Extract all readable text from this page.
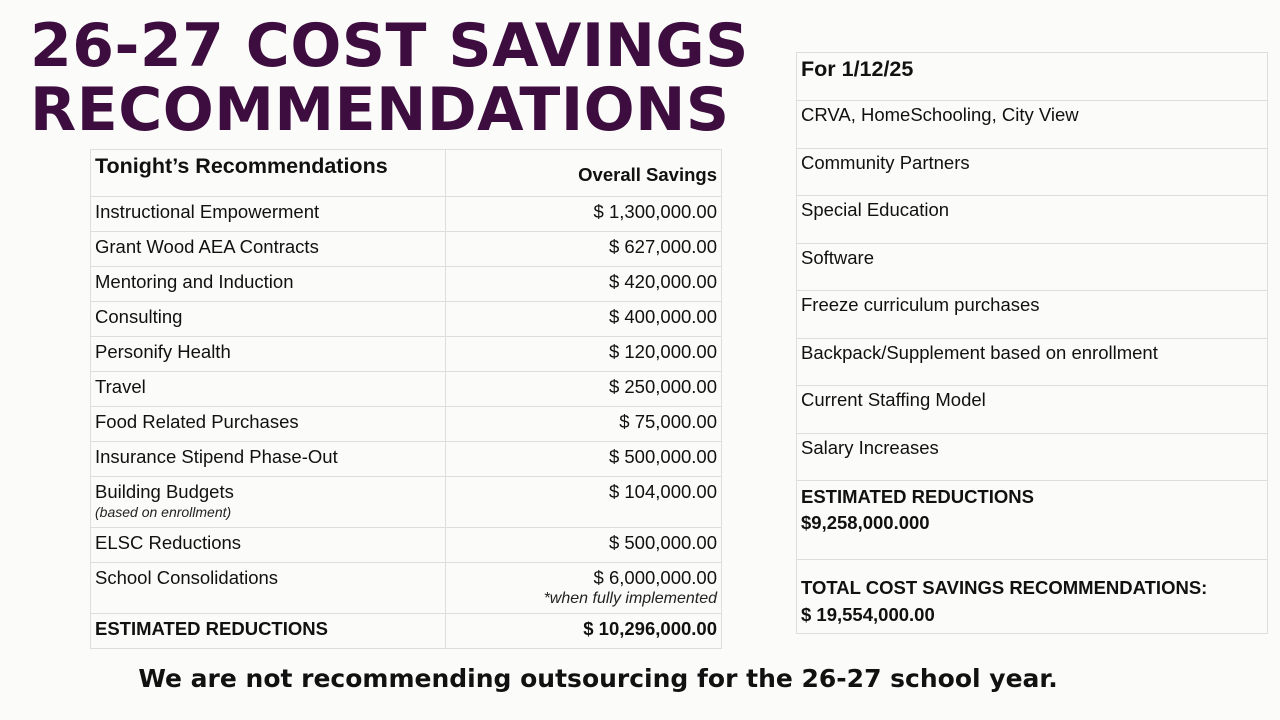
26-27 COST SAVINGS
RECOMMENDATIONS
Tonight’s Recommendations	Overall Savings

Instructional Empowerment	$ 1,300,000.00
Grant Wood AEA Contracts	$ 627,000.00
Mentoring and Induction	$ 420,000.00
Consulting	$ 400,000.00
Personify Health	$ 120,000.00
Travel	$ 250,000.00
Food Related Purchases	$ 75,000.00
Insurance Stipend Phase-Out	$ 500,000.00
Building Budgets
(based on enrollment)	$ 104,000.00
ELSC Reductions	$ 500,000.00
School Consolidations	$ 6,000,000.00
*when fully implemented

ESTIMATED REDUCTIONS	$ 10,296,000.00
For 1/12/25
CRVA, HomeSchooling, City View
Community Partners
Special Education
Software
Freeze curriculum purchases
Backpack/Supplement based on enrollment
Current Staffing Model
Salary Increases
ESTIMATED REDUCTIONS
$9,258,000.000
TOTAL COST SAVINGS RECOMMENDATIONS:
$ 19,554,000.00
We are not recommending outsourcing for the 26-27 school year.
